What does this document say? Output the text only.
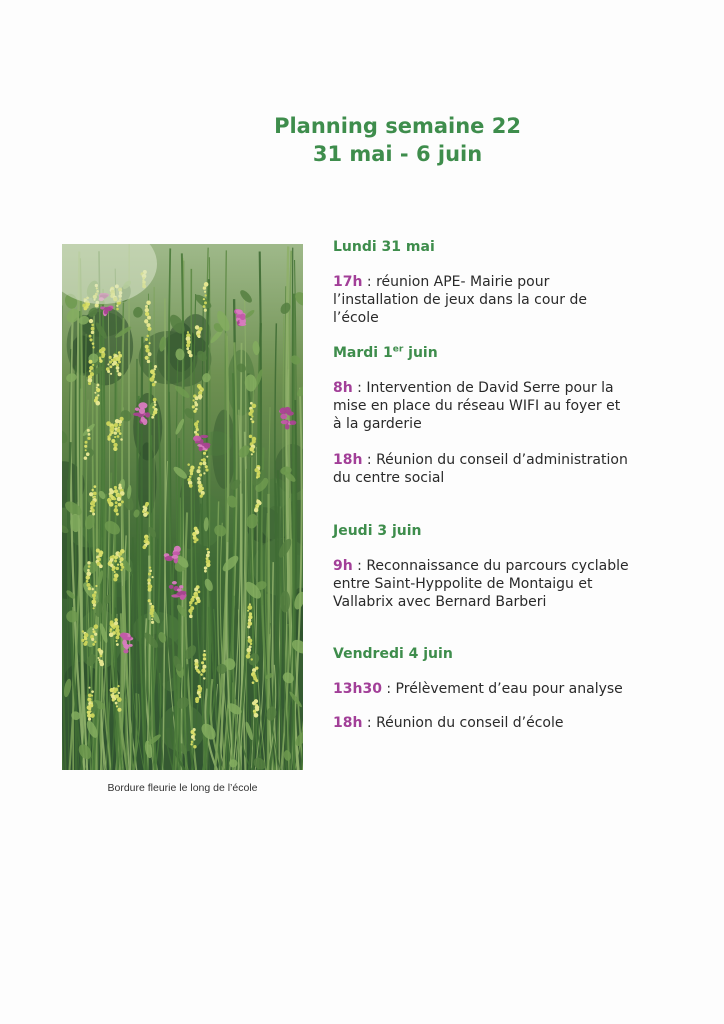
Planning semaine 22
31 mai - 6 juin
Bordure fleurie le long de l’école

Lundi 31 mai

17h : réunion APE- Mairie pour l’installation de jeux dans la cour de l’école

Mardi 1er juin

8h : Intervention de David Serre pour la mise en place du réseau WIFI au foyer et à la garderie

18h : Réunion du conseil d’administration du centre social

Jeudi 3 juin

9h : Reconnaissance du parcours cyclable entre Saint-Hyppolite de Montaigu et Vallabrix avec Bernard Barberi

Vendredi 4 juin

13h30 : Prélèvement d’eau pour analyse

18h : Réunion du conseil d’école
